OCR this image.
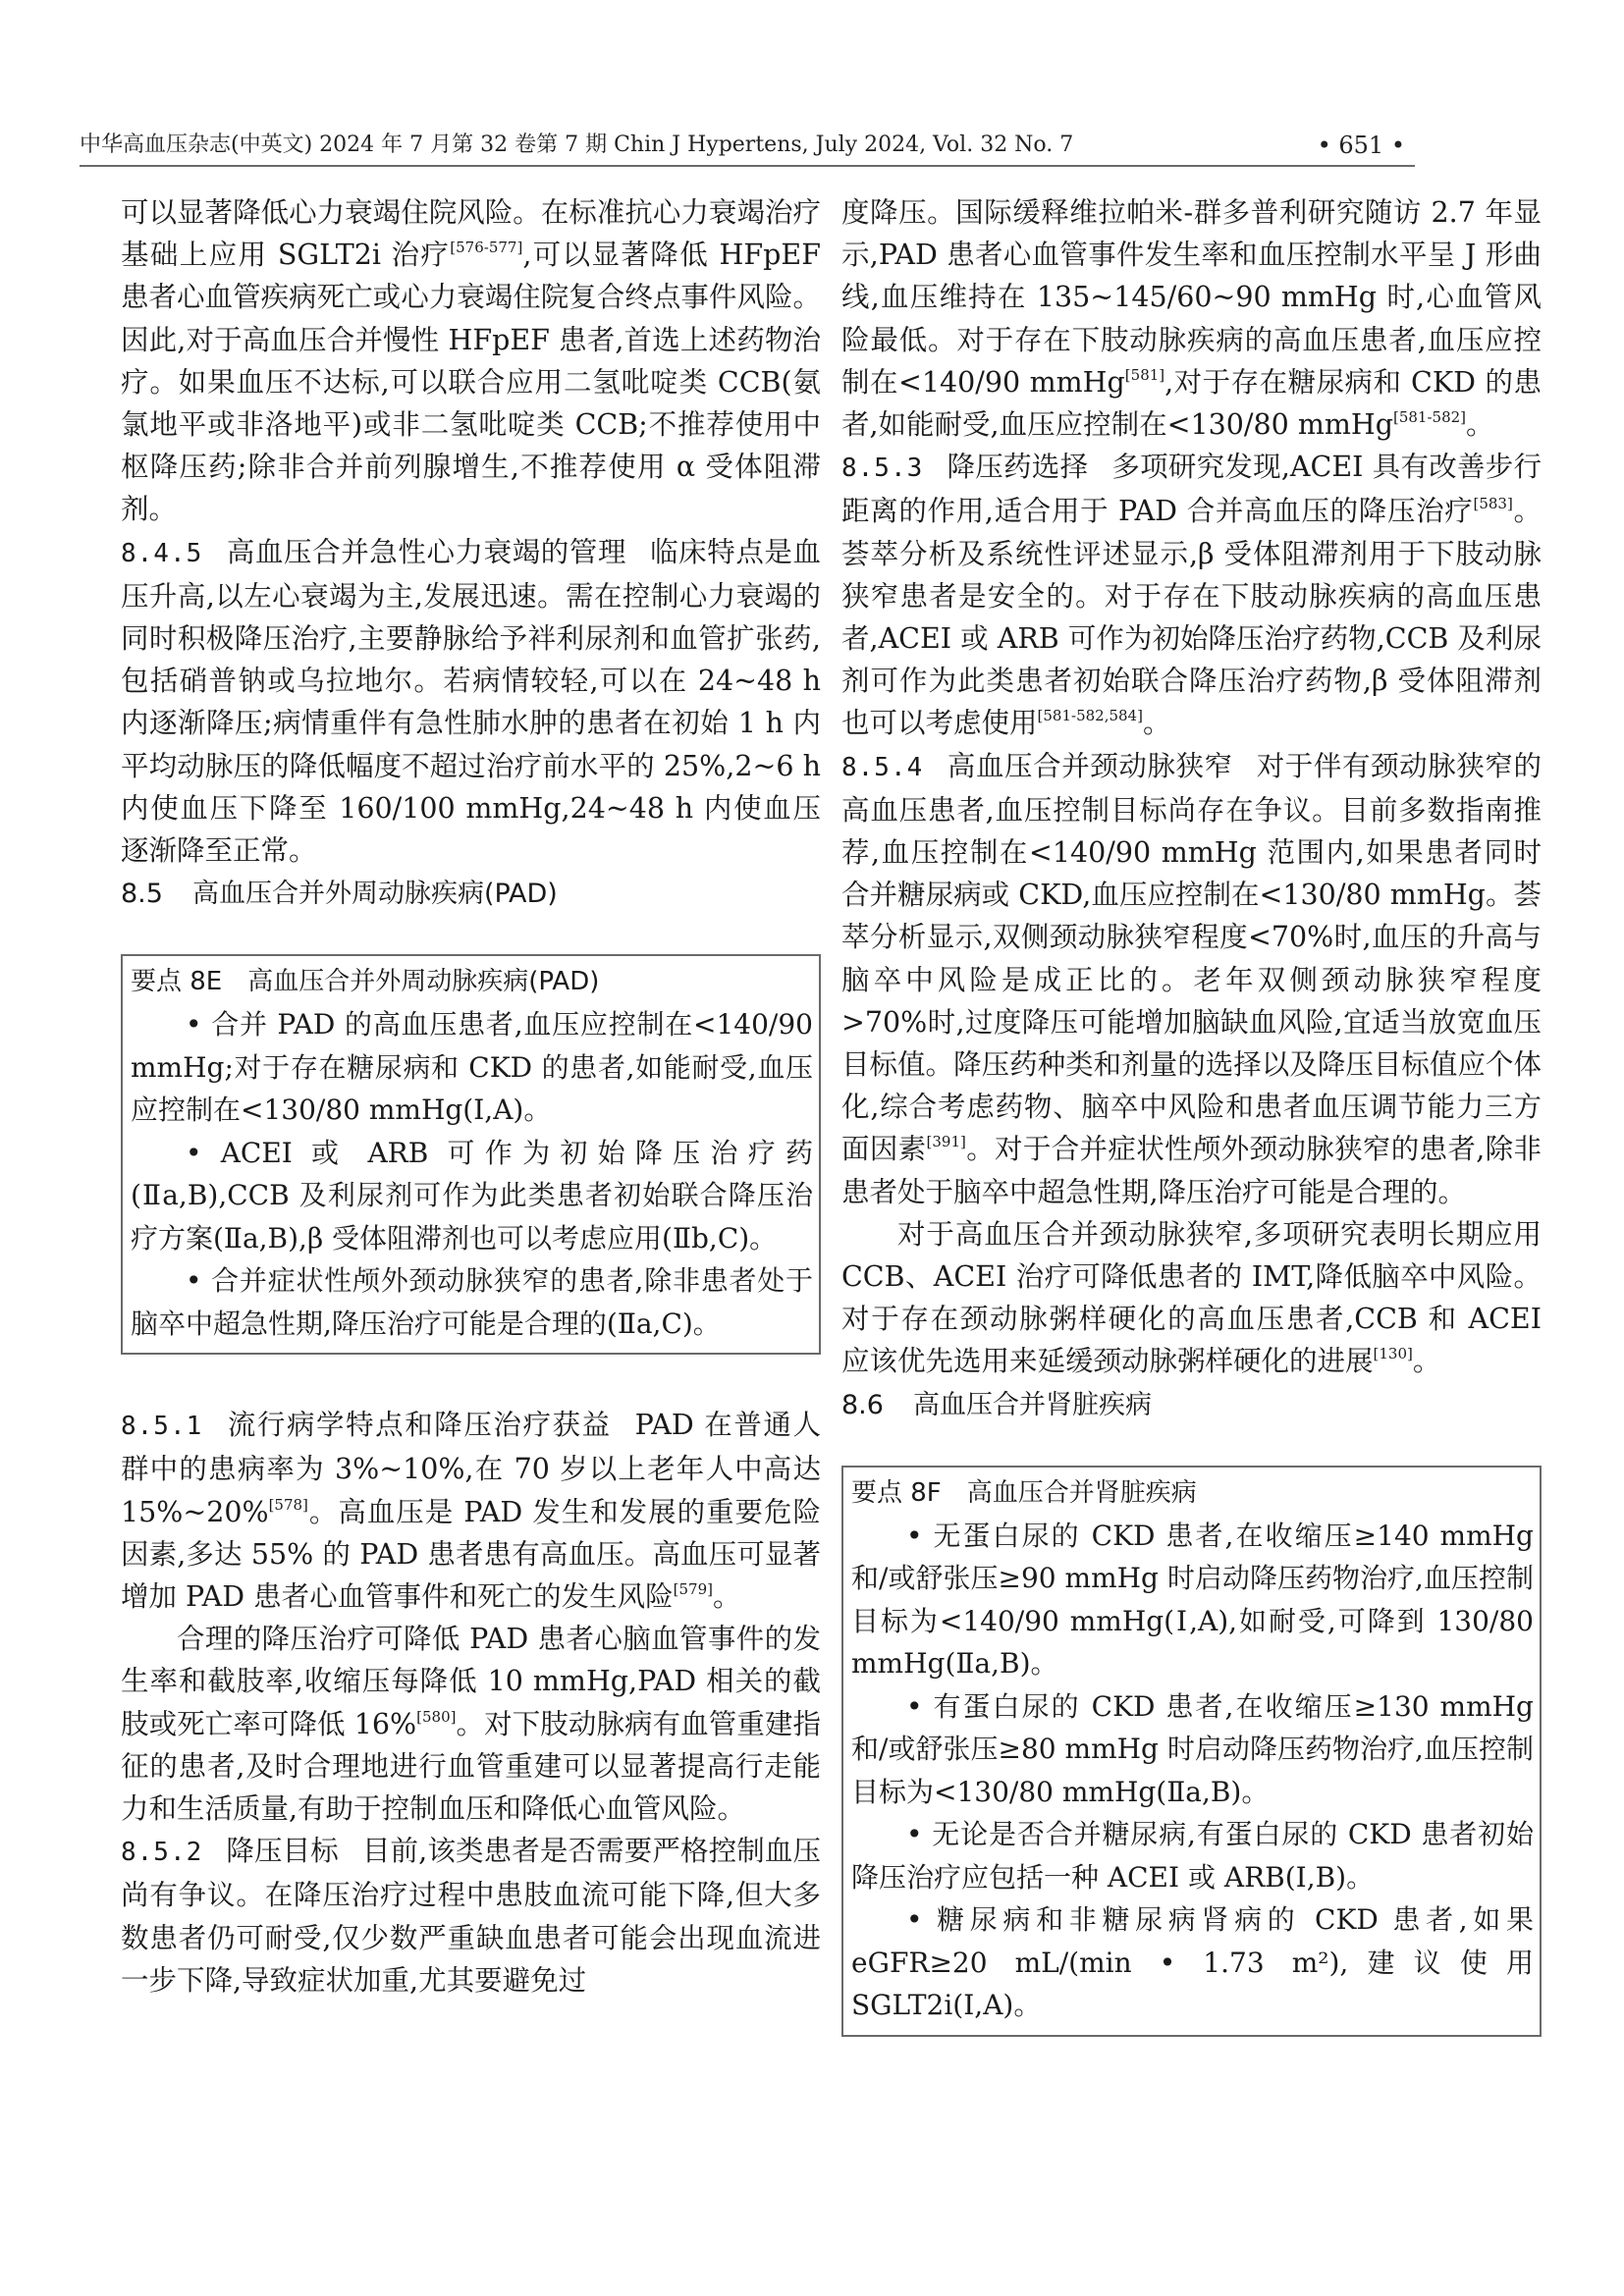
中华高血压杂志(中英文) 2024 年 7 月第 32 卷第 7 期 Chin J Hypertens, July 2024, Vol. 32 No. 7	• 651 •

可以显著降低心力衰竭住院风险。在标准抗心力衰竭治疗基础上应用 SGLT2i 治疗[576-577],可以显著降低 HFpEF 患者心血管疾病死亡或心力衰竭住院复合终点事件风险。因此,对于高血压合并慢性 HFpEF 患者,首选上述药物治疗。如果血压不达标,可以联合应用二氢吡啶类 CCB(氨氯地平或非洛地平)或非二氢吡啶类 CCB;不推荐使用中枢降压药;除非合并前列腺增生,不推荐使用 α 受体阻滞剂。

8.4.5 高血压合并急性心力衰竭的管理 临床特点是血压升高,以左心衰竭为主,发展迅速。需在控制心力衰竭的同时积极降压治疗,主要静脉给予袢利尿剂和血管扩张药,包括硝普钠或乌拉地尔。若病情较轻,可以在 24~48 h 内逐渐降压;病情重伴有急性肺水肿的患者在初始 1 h 内平均动脉压的降低幅度不超过治疗前水平的 25%,2~6 h 内使血压下降至 160/100 mmHg,24~48 h 内使血压逐渐降至正常。

8.5 高血压合并外周动脉疾病(PAD)
要点 8E 高血压合并外周动脉疾病(PAD)

• 合并 PAD 的高血压患者,血压应控制在<140/90 mmHg;对于存在糖尿病和 CKD 的患者,如能耐受,血压应控制在<130/80 mmHg(Ⅰ,A)。

• ACEI 或 ARB 可作为初始降压治疗药(Ⅱa,B),CCB 及利尿剂可作为此类患者初始联合降压治疗方案(Ⅱa,B),β 受体阻滞剂也可以考虑应用(Ⅱb,C)。

• 合并症状性颅外颈动脉狭窄的患者,除非患者处于脑卒中超急性期,降压治疗可能是合理的(Ⅱa,C)。

8.5.1 流行病学特点和降压治疗获益 PAD 在普通人群中的患病率为 3%~10%,在 70 岁以上老年人中高达 15%~20%[578]。高血压是 PAD 发生和发展的重要危险因素,多达 55% 的 PAD 患者患有高血压。高血压可显著增加 PAD 患者心血管事件和死亡的发生风险[579]。

合理的降压治疗可降低 PAD 患者心脑血管事件的发生率和截肢率,收缩压每降低 10 mmHg,PAD 相关的截肢或死亡率可降低 16%[580]。对下肢动脉病有血管重建指征的患者,及时合理地进行血管重建可以显著提高行走能力和生活质量,有助于控制血压和降低心血管风险。

8.5.2 降压目标 目前,该类患者是否需要严格控制血压尚有争议。在降压治疗过程中患肢血流可能下降,但大多数患者仍可耐受,仅少数严重缺血患者可能会出现血流进一步下降,导致症状加重,尤其要避免过

度降压。国际缓释维拉帕米-群多普利研究随访 2.7 年显示,PAD 患者心血管事件发生率和血压控制水平呈 J 形曲线,血压维持在 135~145/60~90 mmHg 时,心血管风险最低。对于存在下肢动脉疾病的高血压患者,血压应控制在<140/90 mmHg[581],对于存在糖尿病和 CKD 的患者,如能耐受,血压应控制在<130/80 mmHg[581-582]。

8.5.3 降压药选择 多项研究发现,ACEI 具有改善步行距离的作用,适合用于 PAD 合并高血压的降压治疗[583]。荟萃分析及系统性评述显示,β 受体阻滞剂用于下肢动脉狭窄患者是安全的。对于存在下肢动脉疾病的高血压患者,ACEI 或 ARB 可作为初始降压治疗药物,CCB 及利尿剂可作为此类患者初始联合降压治疗药物,β 受体阻滞剂也可以考虑使用[581-582,584]。

8.5.4 高血压合并颈动脉狭窄 对于伴有颈动脉狭窄的高血压患者,血压控制目标尚存在争议。目前多数指南推荐,血压控制在<140/90 mmHg 范围内,如果患者同时合并糖尿病或 CKD,血压应控制在<130/80 mmHg。荟萃分析显示,双侧颈动脉狭窄程度<70%时,血压的升高与脑卒中风险是成正比的。老年双侧颈动脉狭窄程度>70%时,过度降压可能增加脑缺血风险,宜适当放宽血压目标值。降压药种类和剂量的选择以及降压目标值应个体化,综合考虑药物、脑卒中风险和患者血压调节能力三方面因素[391]。对于合并症状性颅外颈动脉狭窄的患者,除非患者处于脑卒中超急性期,降压治疗可能是合理的。

对于高血压合并颈动脉狭窄,多项研究表明长期应用 CCB、ACEI 治疗可降低患者的 IMT,降低脑卒中风险。对于存在颈动脉粥样硬化的高血压患者,CCB 和 ACEI 应该优先选用来延缓颈动脉粥样硬化的进展[130]。

8.6 高血压合并肾脏疾病
要点 8F 高血压合并肾脏疾病

• 无蛋白尿的 CKD 患者,在收缩压≥140 mmHg 和/或舒张压≥90 mmHg 时启动降压药物治疗,血压控制目标为<140/90 mmHg(Ⅰ,A),如耐受,可降到 130/80 mmHg(Ⅱa,B)。

• 有蛋白尿的 CKD 患者,在收缩压≥130 mmHg 和/或舒张压≥80 mmHg 时启动降压药物治疗,血压控制目标为<130/80 mmHg(Ⅱa,B)。

• 无论是否合并糖尿病,有蛋白尿的 CKD 患者初始降压治疗应包括一种 ACEI 或 ARB(Ⅰ,B)。

• 糖尿病和非糖尿病肾病的 CKD 患者,如果 eGFR≥20 mL/(min • 1.73 m²),建议使用 SGLT2i(Ⅰ,A)。
